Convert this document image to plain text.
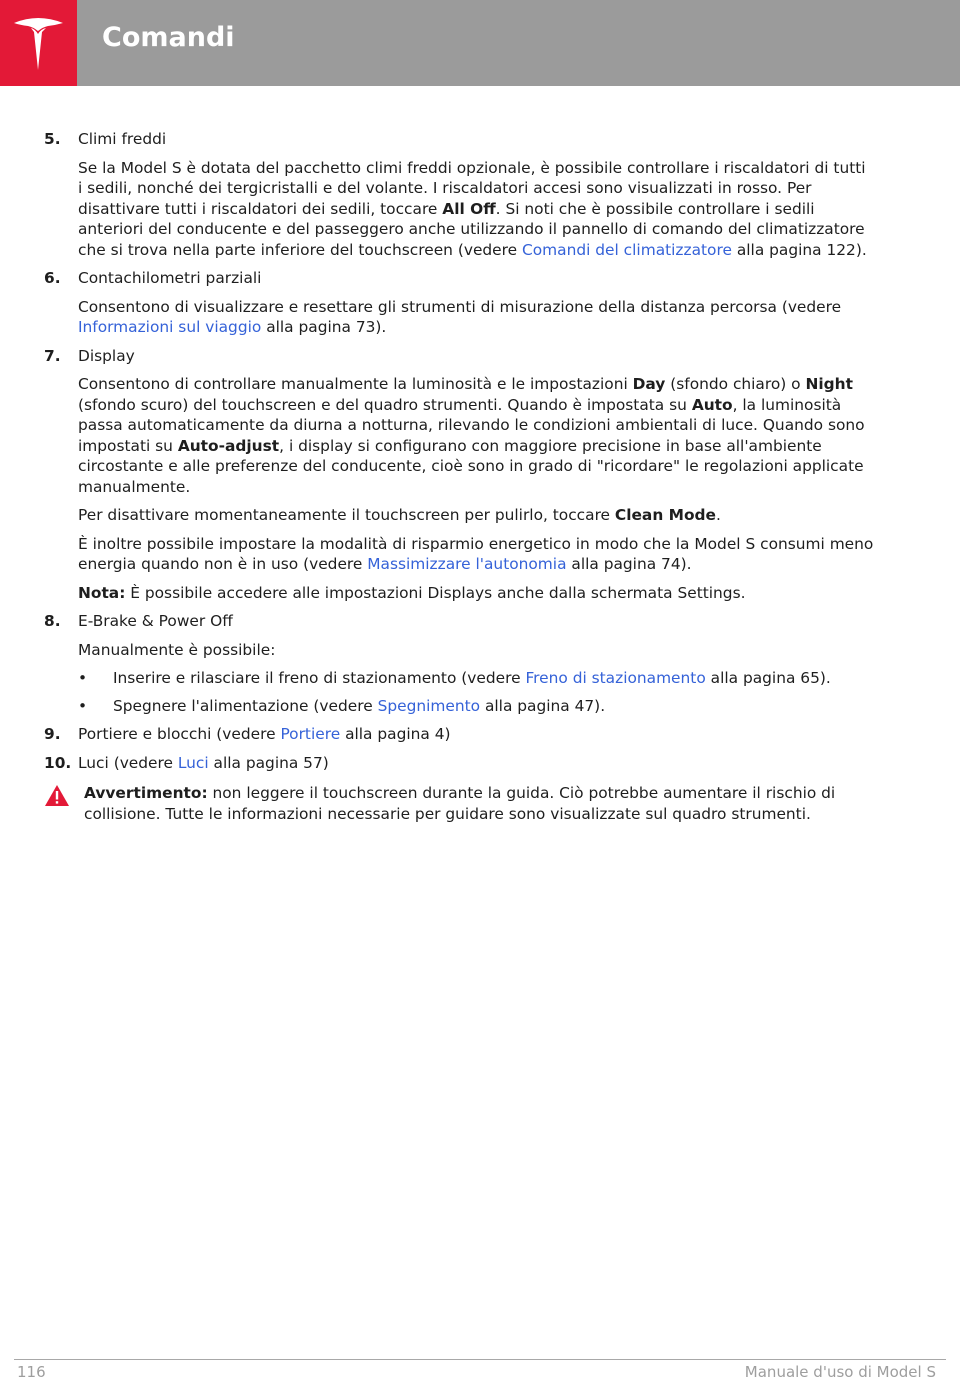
Comandi
5. Climi freddi

Se la Model S è dotata del pacchetto climi freddi opzionale, è possibile controllare i riscaldatori di tutti i sedili, nonché dei tergicristalli e del volante. I riscaldatori accesi sono visualizzati in rosso. Per disattivare tutti i riscaldatori dei sedili, toccare All Off. Si noti che è possibile controllare i sedili anteriori del conducente e del passeggero anche utilizzando il pannello di comando del climatizzatore che si trova nella parte inferiore del touchscreen (vedere Comandi del climatizzatore alla pagina 122).

6. Contachilometri parziali

Consentono di visualizzare e resettare gli strumenti di misurazione della distanza percorsa (vedere Informazioni sul viaggio alla pagina 73).

7. Display

Consentono di controllare manualmente la luminosità e le impostazioni Day (sfondo chiaro) o Night (sfondo scuro) del touchscreen e del quadro strumenti. Quando è impostata su Auto, la luminosità passa automaticamente da diurna a notturna, rilevando le condizioni ambientali di luce. Quando sono impostati su Auto-adjust, i display si configurano con maggiore precisione in base all'ambiente circostante e alle preferenze del conducente, cioè sono in grado di "ricordare" le regolazioni applicate manualmente.

Per disattivare momentaneamente il touchscreen per pulirlo, toccare Clean Mode.

È inoltre possibile impostare la modalità di risparmio energetico in modo che la Model S consumi meno energia quando non è in uso (vedere Massimizzare l'autonomia alla pagina 74).

Nota: È possibile accedere alle impostazioni Displays anche dalla schermata Settings.

8. E-Brake & Power Off

Manualmente è possibile:

• Inserire e rilasciare il freno di stazionamento (vedere Freno di stazionamento alla pagina 65).
• Spegnere l'alimentazione (vedere Spegnimento alla pagina 47).
9. Portiere e blocchi (vedere Portiere alla pagina 4)

10. Luci (vedere Luci alla pagina 57)

Avvertimento: non leggere il touchscreen durante la guida. Ciò potrebbe aumentare il rischio di collisione. Tutte le informazioni necessarie per guidare sono visualizzate sul quadro strumenti.
116	Manuale d'uso di Model S
